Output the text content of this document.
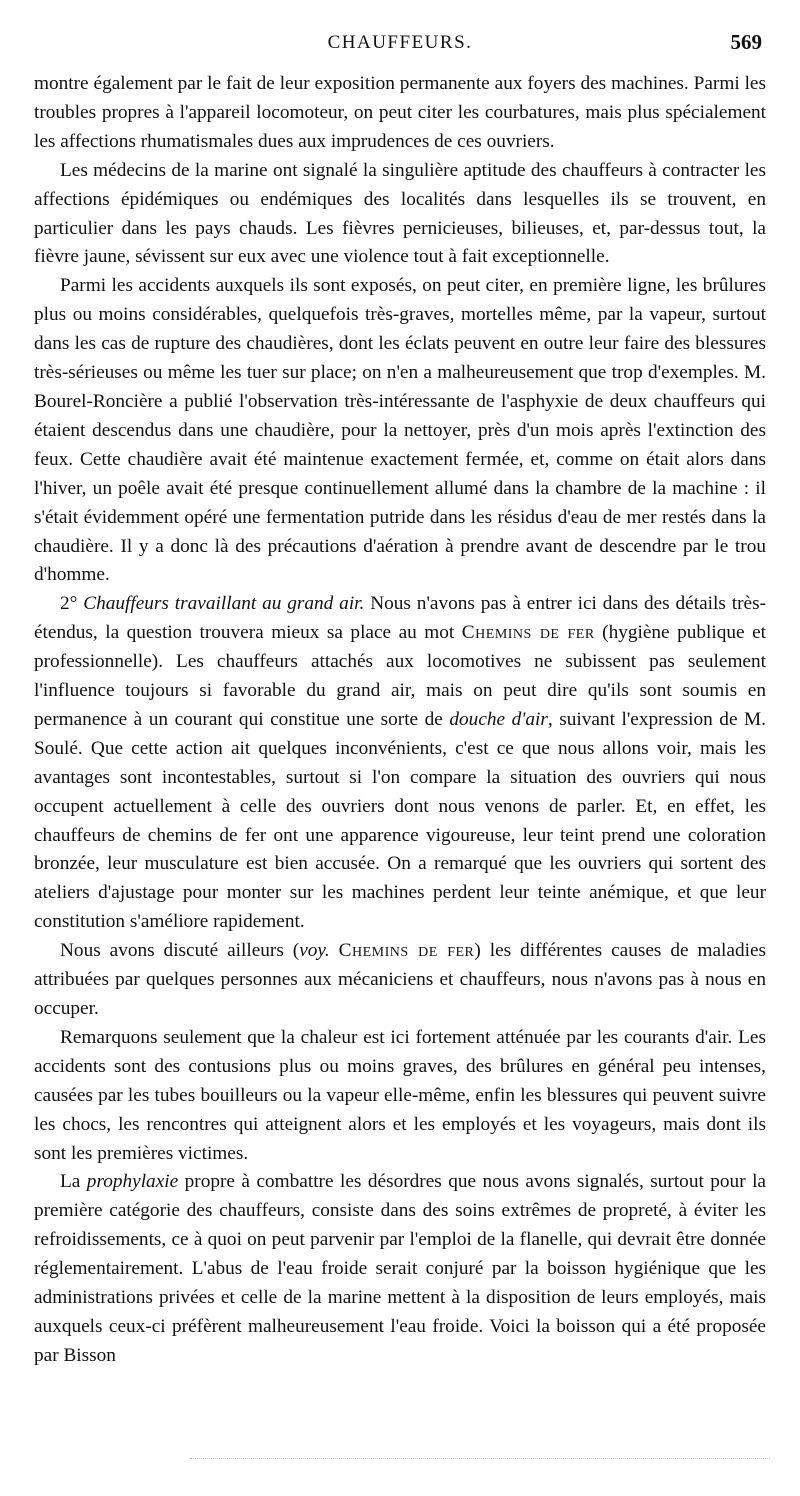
CHAUFFEURS.	569

montre également par le fait de leur exposition permanente aux foyers des machines. Parmi les troubles propres à l'appareil locomoteur, on peut citer les courbatures, mais plus spécialement les affections rhumatismales dues aux imprudences de ces ouvriers.

Les médecins de la marine ont signalé la singulière aptitude des chauffeurs à contracter les affections épidémiques ou endémiques des localités dans lesquelles ils se trouvent, en particulier dans les pays chauds. Les fièvres pernicieuses, bilieuses, et, par-dessus tout, la fièvre jaune, sévissent sur eux avec une violence tout à fait exceptionnelle.

Parmi les accidents auxquels ils sont exposés, on peut citer, en première ligne, les brûlures plus ou moins considérables, quelquefois très-graves, mortelles même, par la vapeur, surtout dans les cas de rupture des chaudières, dont les éclats peuvent en outre leur faire des blessures très-sérieuses ou même les tuer sur place; on n'en a malheureusement que trop d'exemples. M. Bourel-Roncière a publié l'observation très-intéressante de l'asphyxie de deux chauffeurs qui étaient descendus dans une chaudière, pour la nettoyer, près d'un mois après l'extinction des feux. Cette chaudière avait été maintenue exactement fermée, et, comme on était alors dans l'hiver, un poêle avait été presque continuellement allumé dans la chambre de la machine : il s'était évidemment opéré une fermentation putride dans les résidus d'eau de mer restés dans la chaudière. Il y a donc là des précautions d'aération à prendre avant de descendre par le trou d'homme.

2° Chauffeurs travaillant au grand air. Nous n'avons pas à entrer ici dans des détails très-étendus, la question trouvera mieux sa place au mot Chemins de fer (hygiène publique et professionnelle). Les chauffeurs attachés aux locomotives ne subissent pas seulement l'influence toujours si favorable du grand air, mais on peut dire qu'ils sont soumis en permanence à un courant qui constitue une sorte de douche d'air, suivant l'expression de M. Soulé. Que cette action ait quelques inconvénients, c'est ce que nous allons voir, mais les avantages sont incontestables, surtout si l'on compare la situation des ouvriers qui nous occupent actuellement à celle des ouvriers dont nous venons de parler. Et, en effet, les chauffeurs de chemins de fer ont une apparence vigoureuse, leur teint prend une coloration bronzée, leur musculature est bien accusée. On a remarqué que les ouvriers qui sortent des ateliers d'ajustage pour monter sur les machines perdent leur teinte anémique, et que leur constitution s'améliore rapidement.

Nous avons discuté ailleurs (voy. Chemins de fer) les différentes causes de maladies attribuées par quelques personnes aux mécaniciens et chauffeurs, nous n'avons pas à nous en occuper.

Remarquons seulement que la chaleur est ici fortement atténuée par les courants d'air. Les accidents sont des contusions plus ou moins graves, des brûlures en général peu intenses, causées par les tubes bouilleurs ou la vapeur elle-même, enfin les blessures qui peuvent suivre les chocs, les rencontres qui atteignent alors et les employés et les voyageurs, mais dont ils sont les premières victimes.

La prophylaxie propre à combattre les désordres que nous avons signalés, surtout pour la première catégorie des chauffeurs, consiste dans des soins extrêmes de propreté, à éviter les refroidissements, ce à quoi on peut parvenir par l'emploi de la flanelle, qui devrait être donnée réglementairement. L'abus de l'eau froide serait conjuré par la boisson hygiénique que les administrations privées et celle de la marine mettent à la disposition de leurs employés, mais auxquels ceux-ci préfèrent malheureusement l'eau froide. Voici la boisson qui a été proposée par Bisson
